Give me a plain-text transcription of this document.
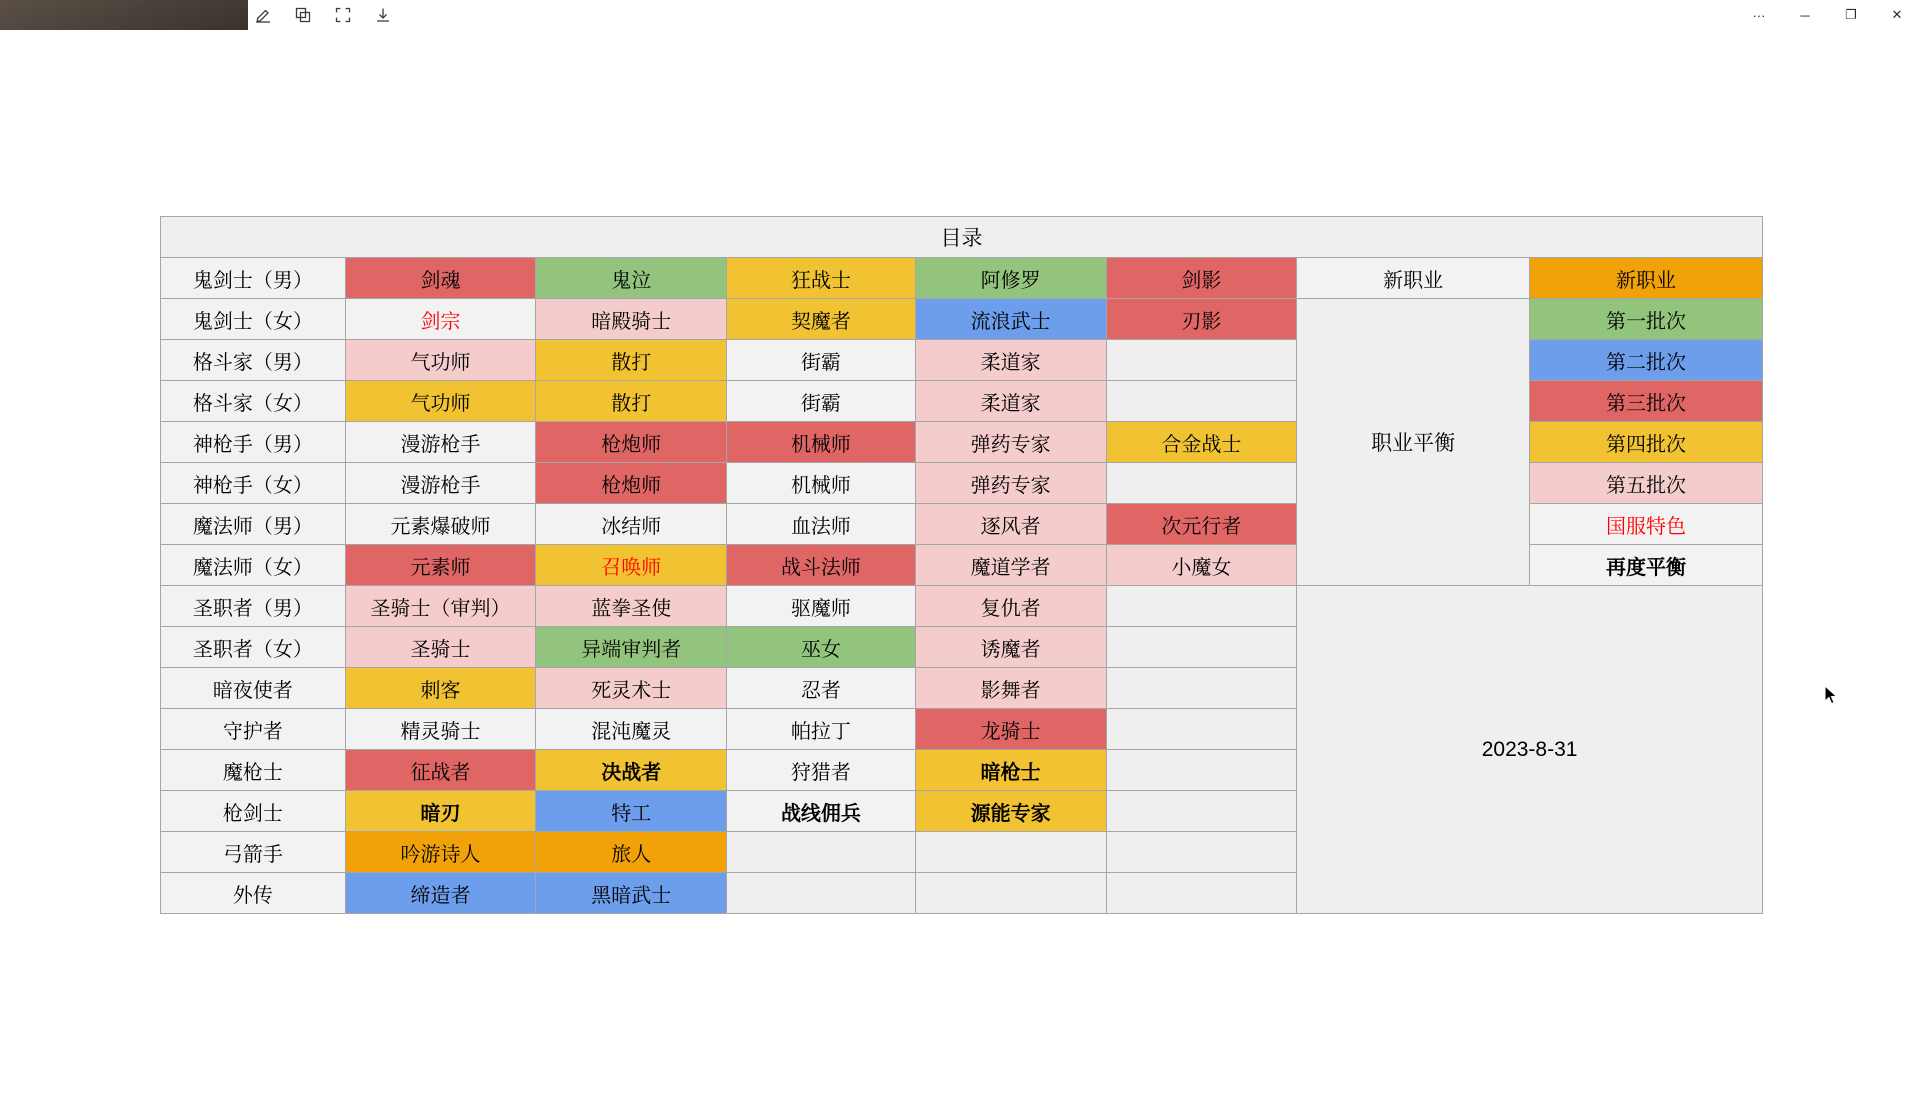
···	─	❐	✕
目录							
鬼剑士（男）	剑魂	鬼泣	狂战士	阿修罗	剑影	新职业	新职业
鬼剑士（女）	剑宗	暗殿骑士	契魔者	流浪武士	刃影	职业平衡	第一批次
格斗家（男）	气功师	散打	街霸	柔道家			第二批次
格斗家（女）	气功师	散打	街霸	柔道家			第三批次
神枪手（男）	漫游枪手	枪炮师	机械师	弹药专家	合金战士		第四批次
神枪手（女）	漫游枪手	枪炮师	机械师	弹药专家			第五批次
魔法师（男）	元素爆破师	冰结师	血法师	逐风者	次元行者		国服特色
魔法师（女）	元素师	召唤师	战斗法师	魔道学者	小魔女		再度平衡
圣职者（男）	圣骑士（审判）	蓝拳圣使	驱魔师	复仇者		2023-8-31	
圣职者（女）	圣骑士	异端审判者	巫女	诱魔者			
暗夜使者	刺客	死灵术士	忍者	影舞者			
守护者	精灵骑士	混沌魔灵	帕拉丁	龙骑士			
魔枪士	征战者	决战者	狩猎者	暗枪士			
枪剑士	暗刃	特工	战线佣兵	源能专家			
弓箭手	吟游诗人	旅人					
外传	缔造者	黑暗武士					
